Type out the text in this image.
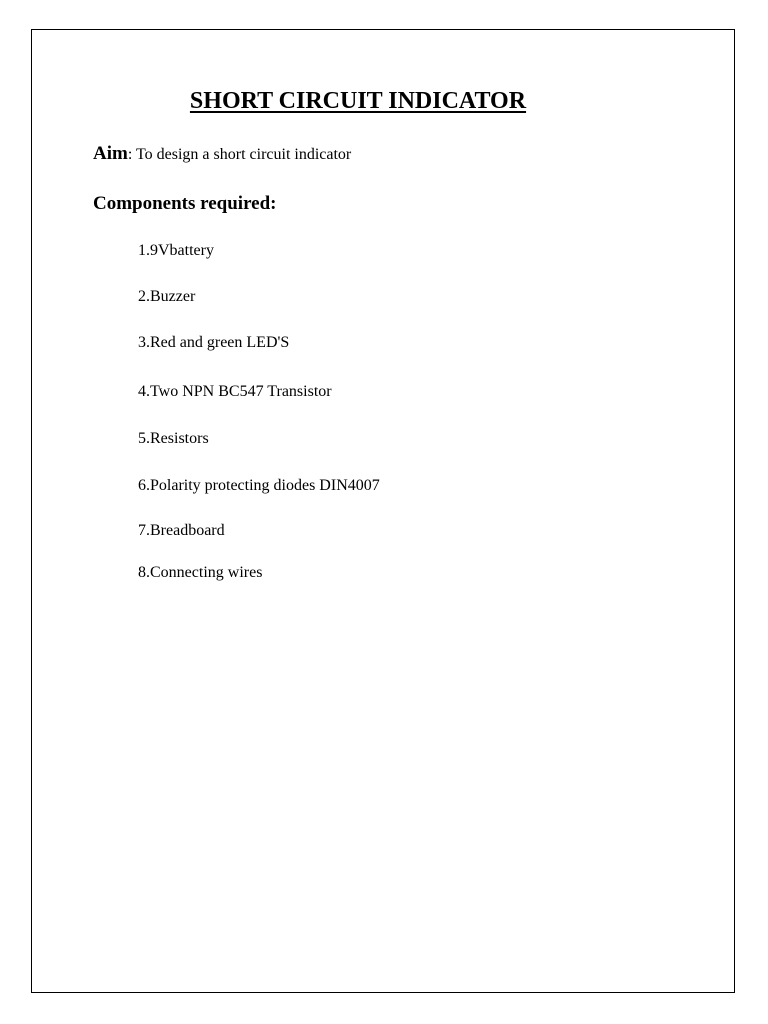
SHORT CIRCUIT INDICATOR
Aim: To design a short circuit indicator
Components required:
1.9Vbattery
2.Buzzer
3.Red and green LED'S
4.Two NPN BC547 Transistor
5.Resistors
6.Polarity protecting diodes DIN4007
7.Breadboard
8.Connecting wires
